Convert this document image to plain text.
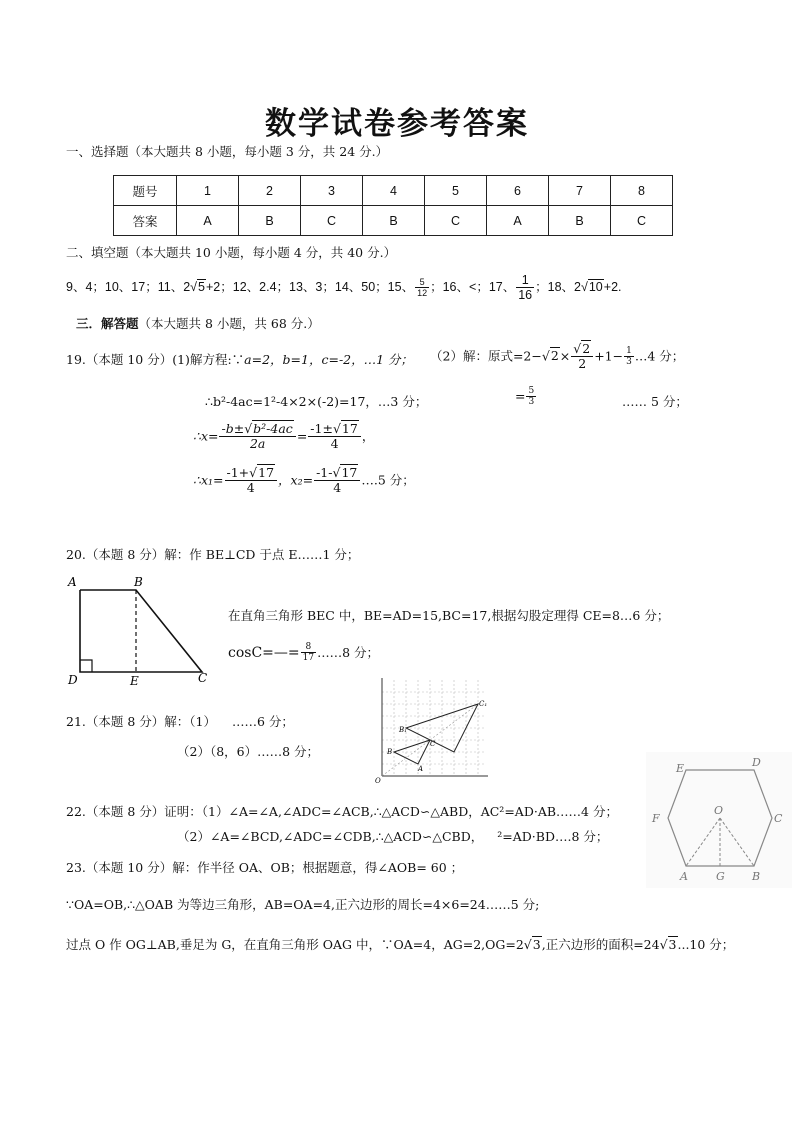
数学试卷参考答案
一、选择题（本大题共 8 小题，每小题 3 分，共 24 分.）
题号	1	2	3	4	5	6	7	8
答案	A	B	C	B	C	A	B	C
二、填空题（本大题共 10 小题，每小题 4 分，共 40 分.）
9、4；10、17；11、2√5+2；12、2.4；13、3；14、50；15、 $\frac{5}{12}$ ；16、<；17、 $\frac{1}{16}$ ；18、2√10+2.
三．解答题（本大题共 8 小题，共 68 分.）
19.（本题 10 分）(1)解方程:∵a=2，b=1，c=-2，…1 分； （2）解：原式$=2-√2\times \frac{√2}{2} +1- \frac{1}{3}$ …4 分；
∴b²-4ac=1²-4×2×(-2)=17，…3 分；	= $\frac{5}{3}$	…… 5 分；
∴x= $\frac{\text{-b±√b²-4ac}}{2a} = \frac{-1\pm√17}{4}$ ，
∴x₁= $\frac{-1+√17}{4}$ ，$x_2= \frac{-1-√17}{4}$ ….5 分；
20.（本题 8 分）解：作 BE⊥CD 于点 E……1 分；
A	B
C
D	E
在直角三角形 BEC 中，BE=AD=15,BC=17,根据勾股定理得 CE=8…6 分；
cosC=—= $\frac{8}{17}$ ……8 分；
21.（本题 8 分）解：（1） ……6 分；
（2）（8，6）……8 分；
B₁
C₁
B
C
A
O
E	D
F	C
O
A	G B
22.（本题 8 分）证明：（1）∠A=∠A,∠ADC=∠ACB,∴△ACD∽△ABD，AC²=AD·AB……4 分；
（2）∠A=∠BCD,∠ADC=∠CDB,∴△ACD∽△CBD， ²=AD·BD….8 分；
23.（本题 10 分）解：作半径 OA、OB；根据题意，得∠AOB= 60 ；
∵OA=OB,∴△OAB 为等边三角形，AB=OA=4,正六边形的周长=4×6=24……5 分;
过点 O 作 OG⊥AB,垂足为 G，在直角三角形 OAG 中，∵OA=4，AG=2,OG=2√3,正六边形的面积=24√3...10 分；
